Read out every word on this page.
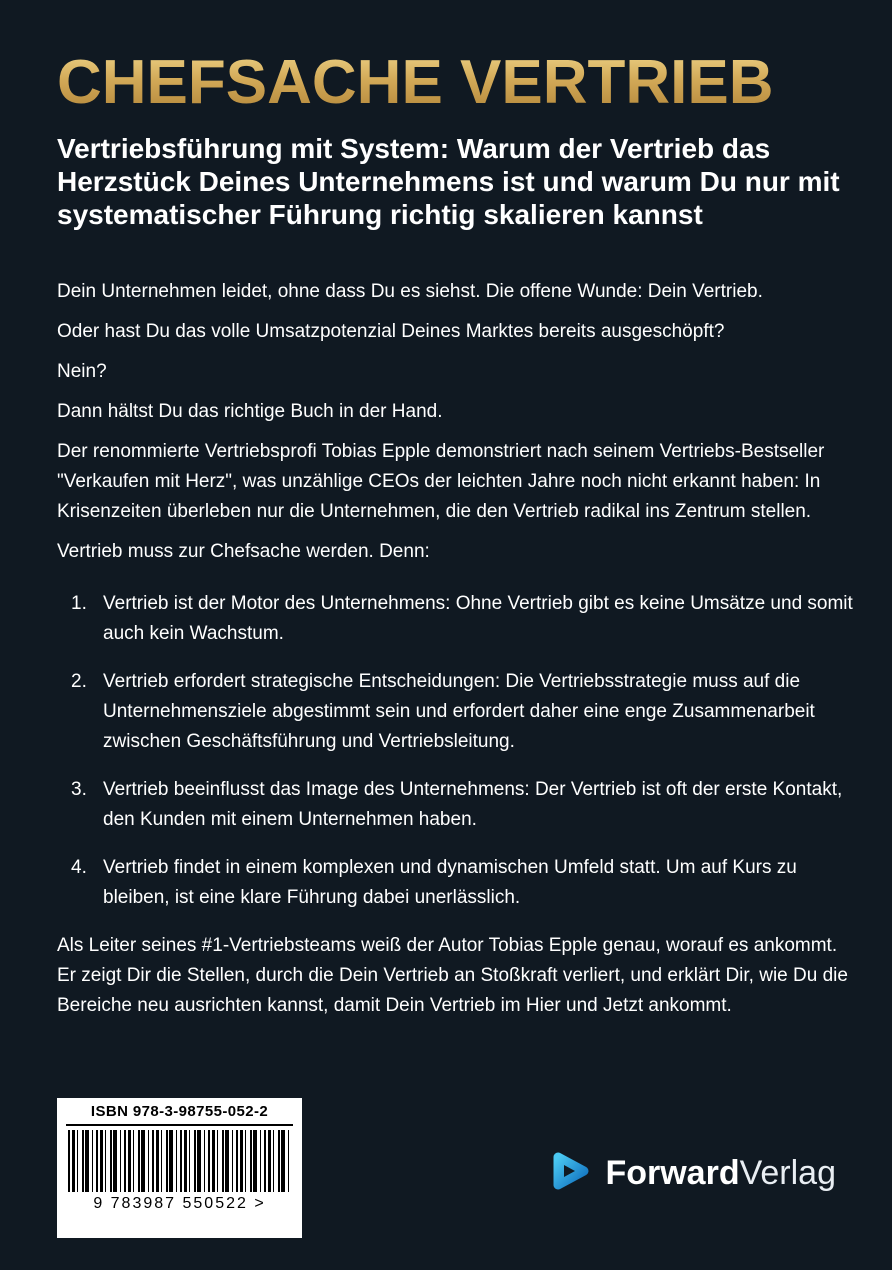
CHEFSACHE VERTRIEB
Vertriebsführung mit System: Warum der Vertrieb das Herzstück Deines Unternehmens ist und warum Du nur mit systematischer Führung richtig skalieren kannst

Dein Unternehmen leidet, ohne dass Du es siehst. Die offene Wunde: Dein Vertrieb.

Oder hast Du das volle Umsatzpotenzial Deines Marktes bereits ausgeschöpft?

Nein?

Dann hältst Du das richtige Buch in der Hand.

Der renommierte Vertriebsprofi Tobias Epple demonstriert nach seinem Vertriebs-Bestseller "Verkaufen mit Herz", was unzählige CEOs der leichten Jahre noch nicht erkannt haben: In Krisenzeiten überleben nur die Unternehmen, die den Vertrieb radikal ins Zentrum stellen.

Vertrieb muss zur Chefsache werden. Denn:

Vertrieb ist der Motor des Unternehmens: Ohne Vertrieb gibt es keine Umsätze und somit auch kein Wachstum.
Vertrieb erfordert strategische Entscheidungen: Die Vertriebsstrategie muss auf die Unternehmensziele abgestimmt sein und erfordert daher eine enge Zusammenarbeit zwischen Geschäftsführung und Vertriebsleitung.
Vertrieb beeinflusst das Image des Unternehmens: Der Vertrieb ist oft der erste Kontakt, den Kunden mit einem Unternehmen haben.
Vertrieb findet in einem komplexen und dynamischen Umfeld statt. Um auf Kurs zu bleiben, ist eine klare Führung dabei unerlässlich.

Als Leiter seines #1-Vertriebsteams weiß der Autor Tobias Epple genau, worauf es ankommt. Er zeigt Dir die Stellen, durch die Dein Vertrieb an Stoßkraft verliert, und erklärt Dir, wie Du die Bereiche neu ausrichten kannst, damit Dein Vertrieb im Hier und Jetzt ankommt.

ISBN 978-3-98755-052-2
9 783987 550522 >
ForwardVerlag
